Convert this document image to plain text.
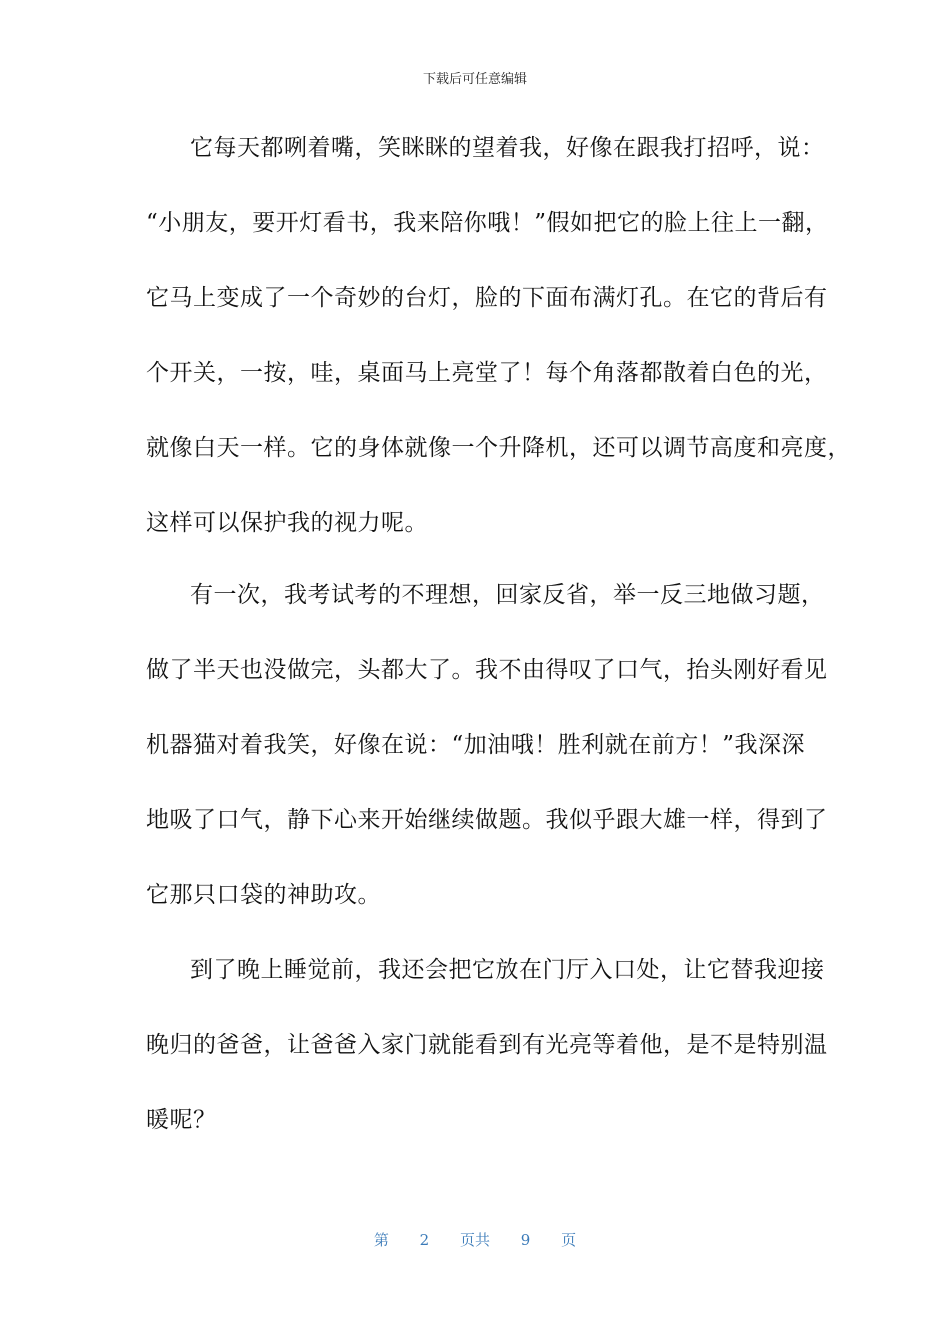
下载后可任意编辑
它每天都咧着嘴，笑眯眯的望着我，好像在跟我打招呼，说：
“小朋友，要开灯看书，我来陪你哦！”假如把它的脸上往上一翻，
它马上变成了一个奇妙的台灯，脸的下面布满灯孔。在它的背后有
个开关，一按，哇，桌面马上亮堂了！每个角落都散着白色的光，
就像白天一样。它的身体就像一个升降机，还可以调节高度和亮度，
这样可以保护我的视力呢。
有一次，我考试考的不理想，回家反省，举一反三地做习题，
做了半天也没做完，头都大了。我不由得叹了口气，抬头刚好看见
机器猫对着我笑，好像在说：“加油哦！胜利就在前方！”我深深
地吸了口气，静下心来开始继续做题。我似乎跟大雄一样，得到了
它那只口袋的神助攻。
到了晚上睡觉前，我还会把它放在门厅入口处，让它替我迎接
晚归的爸爸，让爸爸入家门就能看到有光亮等着他，是不是特别温
暖呢？
第 2 页共 9 页
